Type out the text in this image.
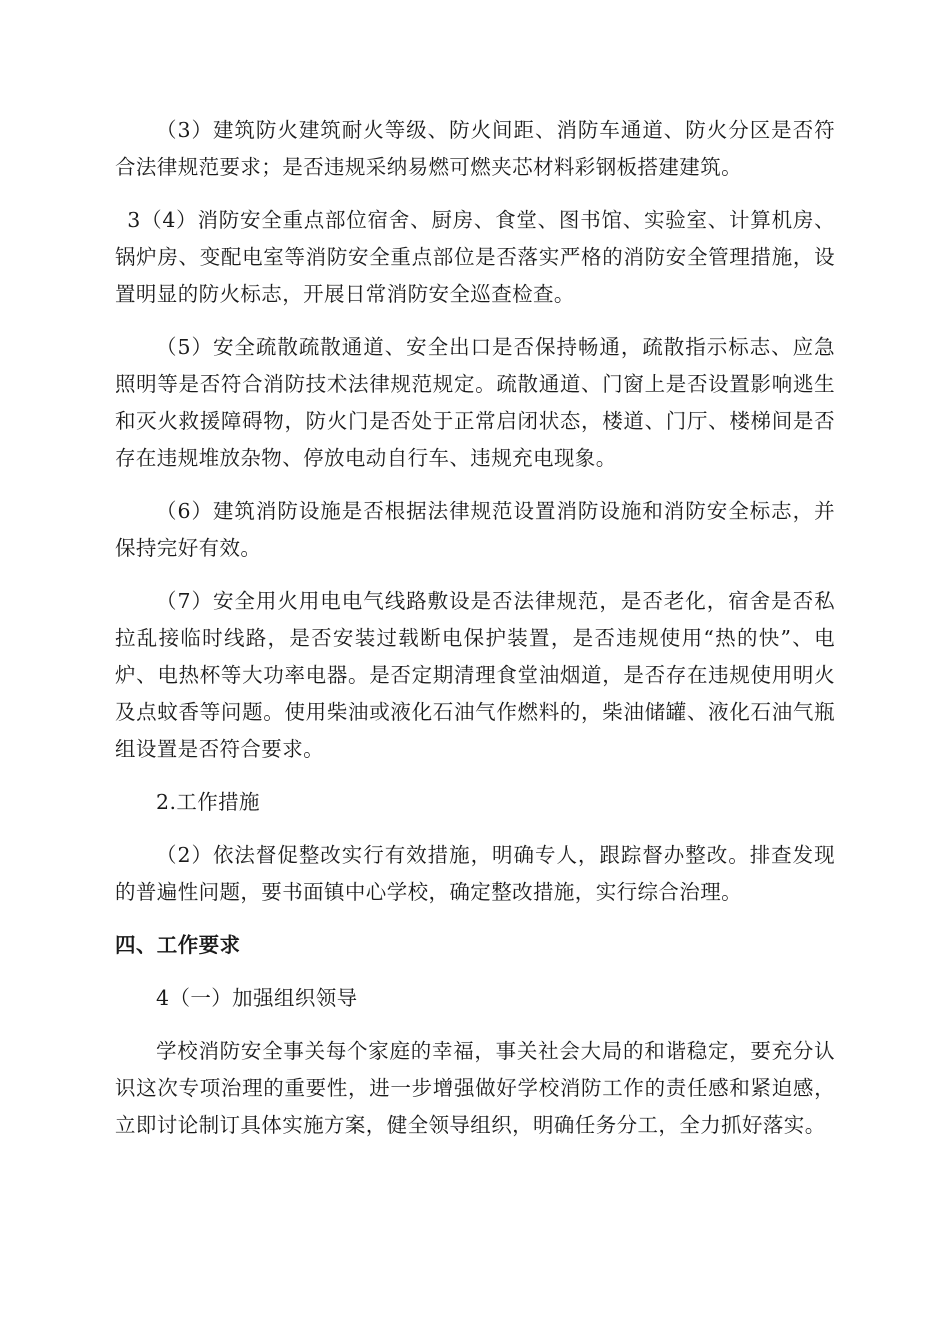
（3）建筑防火建筑耐火等级、防火间距、消防车通道、防火分区是否符合法律规范要求；是否违规采纳易燃可燃夹芯材料彩钢板搭建建筑。

3（4）消防安全重点部位宿舍、厨房、食堂、图书馆、实验室、计算机房、锅炉房、变配电室等消防安全重点部位是否落实严格的消防安全管理措施，设置明显的防火标志，开展日常消防安全巡查检查。

（5）安全疏散疏散通道、安全出口是否保持畅通，疏散指示标志、应急照明等是否符合消防技术法律规范规定。疏散通道、门窗上是否设置影响逃生和灭火救援障碍物，防火门是否处于正常启闭状态，楼道、门厅、楼梯间是否存在违规堆放杂物、停放电动自行车、违规充电现象。

（6）建筑消防设施是否根据法律规范设置消防设施和消防安全标志，并保持完好有效。

（7）安全用火用电电气线路敷设是否法律规范，是否老化，宿舍是否私拉乱接临时线路，是否安装过载断电保护装置，是否违规使用“热的快”、电炉、电热杯等大功率电器。是否定期清理食堂油烟道，是否存在违规使用明火及点蚊香等问题。使用柴油或液化石油气作燃料的，柴油储罐、液化石油气瓶组设置是否符合要求。

2.工作措施

（2）依法督促整改实行有效措施，明确专人，跟踪督办整改。排查发现的普遍性问题，要书面镇中心学校，确定整改措施，实行综合治理。

四、工作要求

4（一）加强组织领导

学校消防安全事关每个家庭的幸福，事关社会大局的和谐稳定，要充分认识这次专项治理的重要性，进一步增强做好学校消防工作的责任感和紧迫感，立即讨论制订具体实施方案，健全领导组织，明确任务分工，全力抓好落实。
